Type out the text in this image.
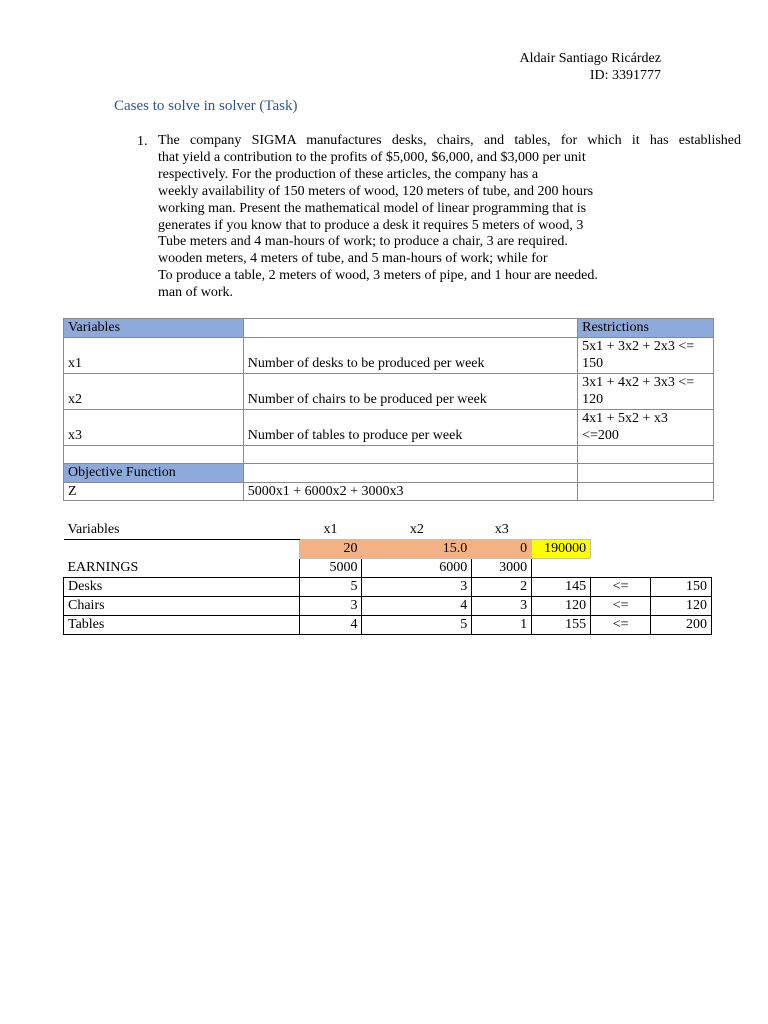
Aldair Santiago Ricárdez
ID: 3391777
Cases to solve in solver (Task)
1. The company SIGMA manufactures desks, chairs, and tables, for which it has established
that yield a contribution to the profits of $5,000, $6,000, and $3,000 per unit
respectively. For the production of these articles, the company has a
weekly availability of 150 meters of wood, 120 meters of tube, and 200 hours
working man. Present the mathematical model of linear programming that is
generates if you know that to produce a desk it requires 5 meters of wood, 3
Tube meters and 4 man-hours of work; to produce a chair, 3 are required.
wooden meters, 4 meters of tube, and 5 man-hours of work; while for
To produce a table, 2 meters of wood, 3 meters of pipe, and 1 hour are needed.
man of work.
Variables		Restrictions
x1	Number of desks to be produced per week	5x1 + 3x2 + 2x3 <=
150
x2	Number of chairs to be produced per week	3x1 + 4x2 + 3x3 <=
120
x3	Number of tables to produce per week	4x1 + 5x2 + x3
<=200

Objective Function		
Z	5000x1 + 6000x2 + 3000x3	
Variables	x1	x2	x3			
	20	15.0	0	190000		
EARNINGS	5000	6000	3000			
Desks	5	3	2	145	<=	150
Chairs	3	4	3	120	<=	120
Tables	4	5	1	155	<=	200
